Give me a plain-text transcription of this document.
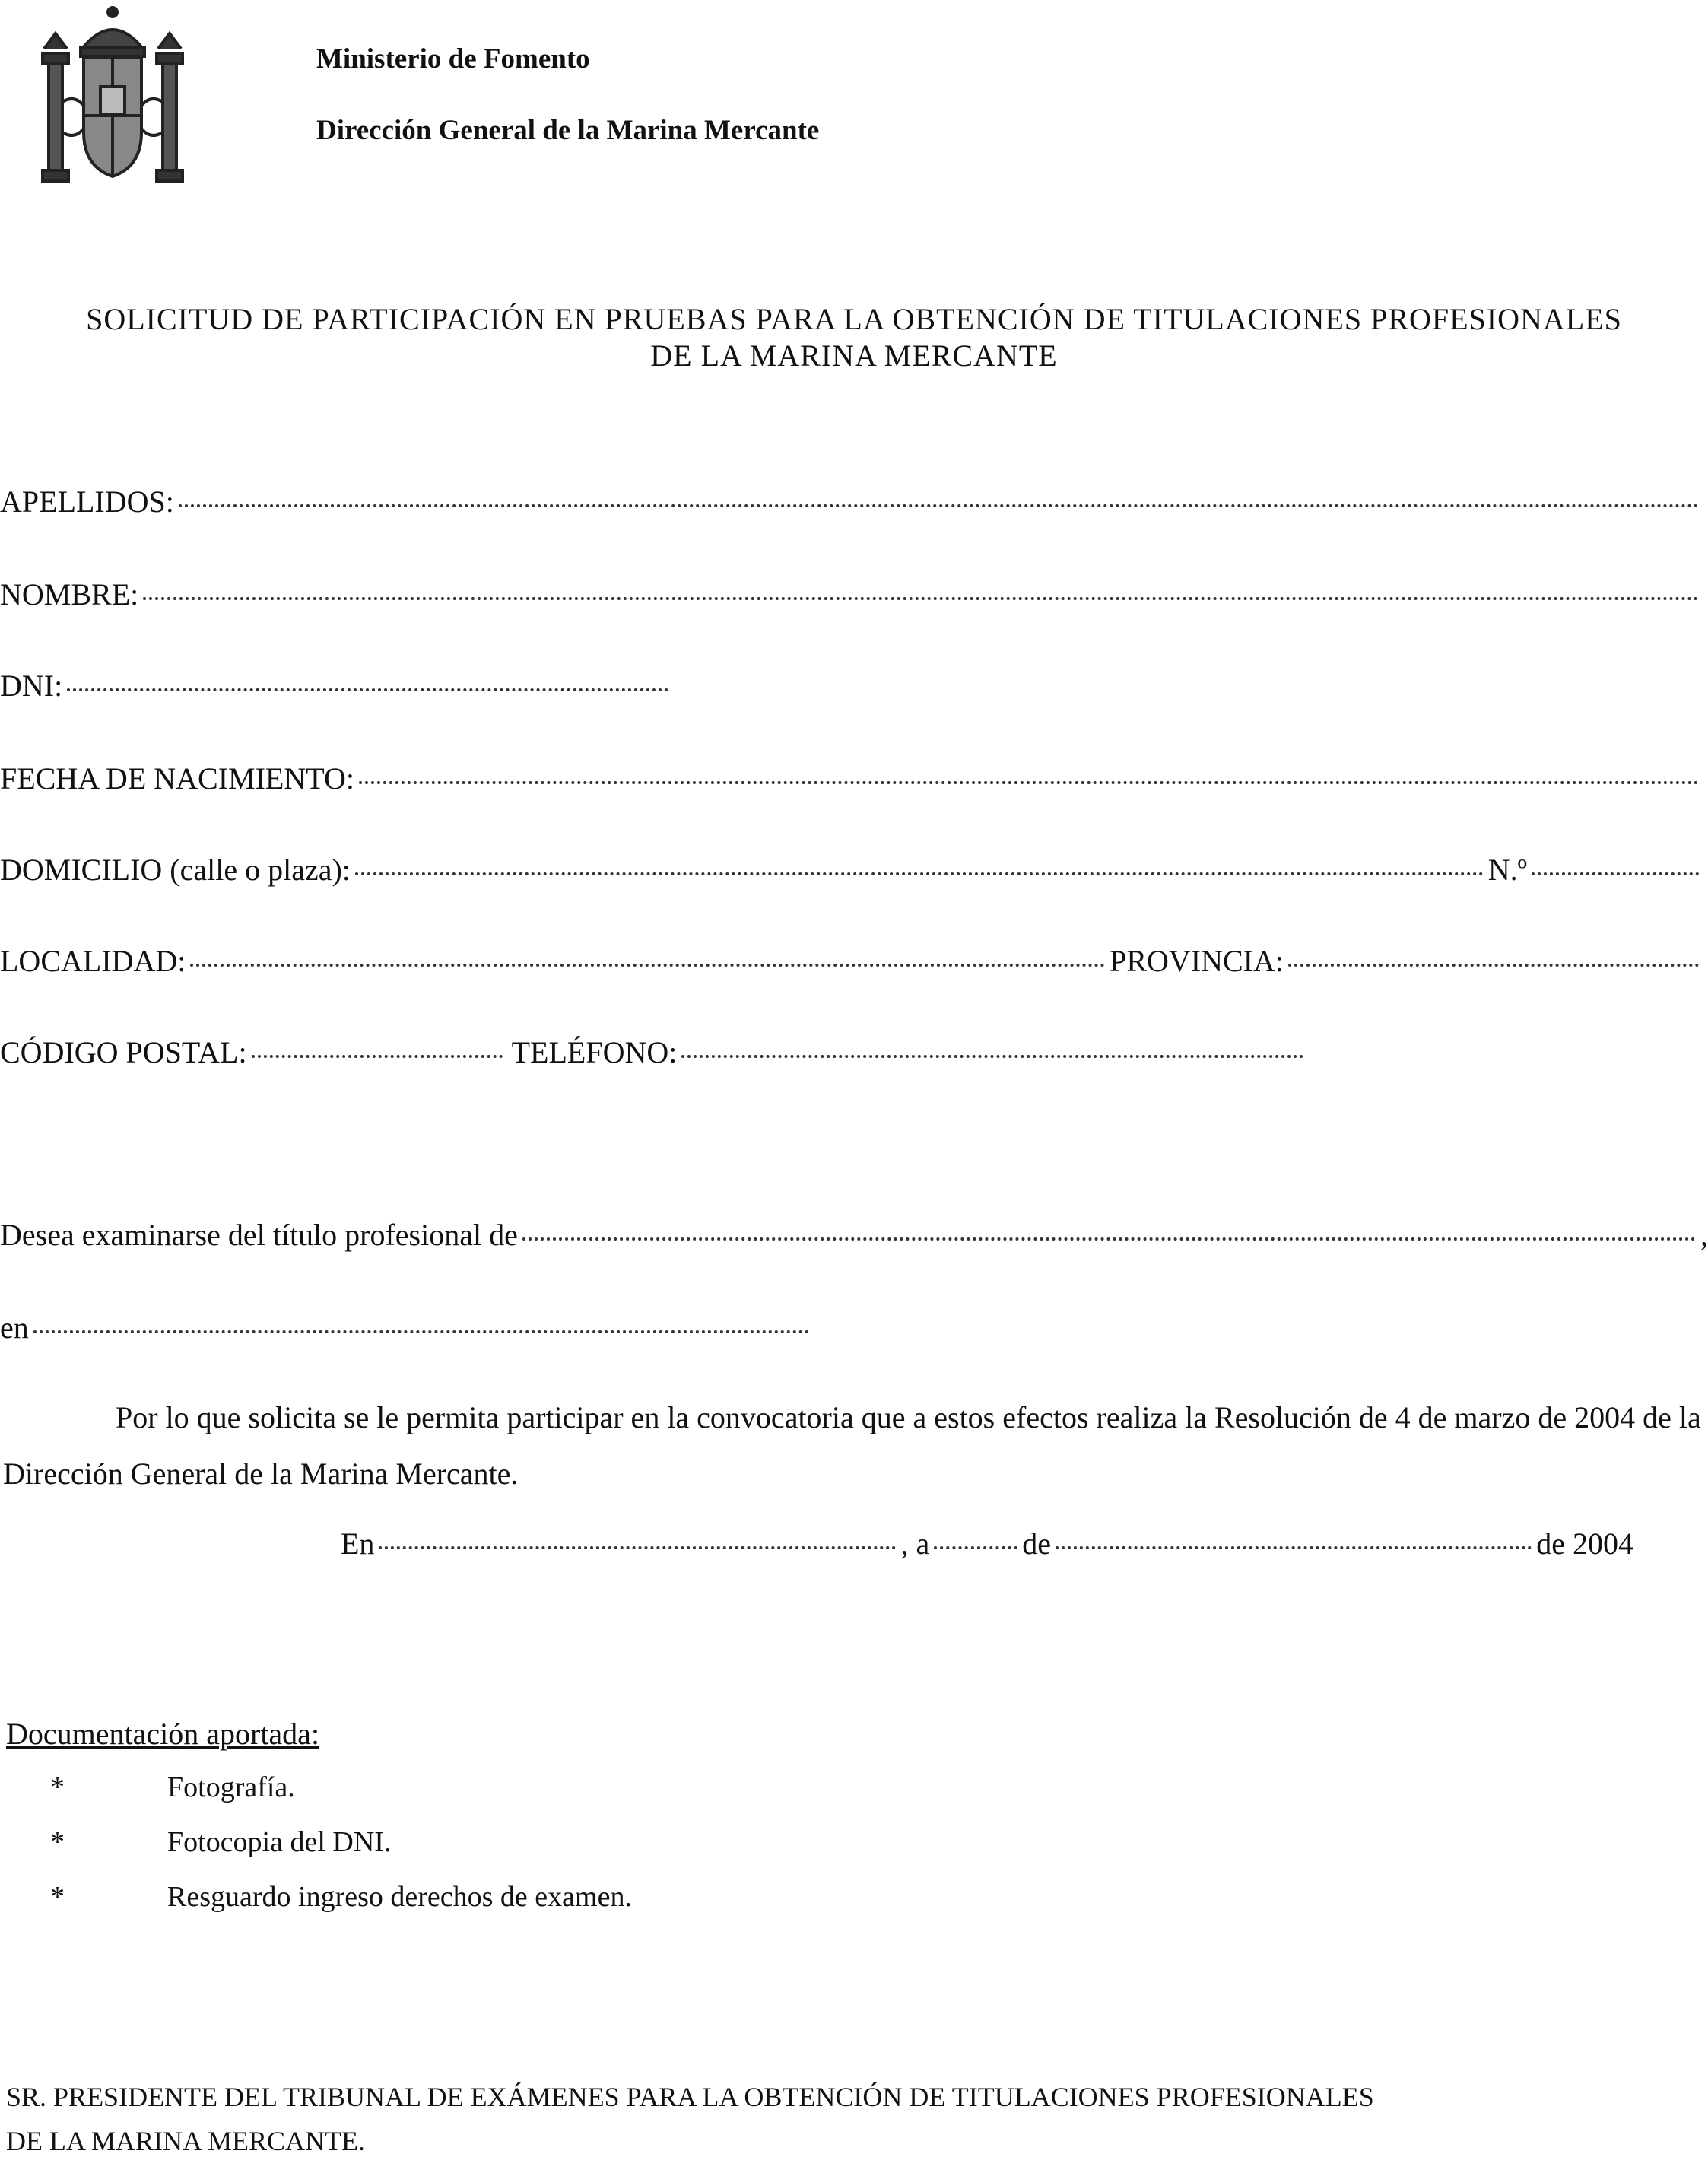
Ministerio de Fomento
Dirección General de la Marina Mercante
SOLICITUD DE PARTICIPACIÓN EN PRUEBAS PARA LA OBTENCIÓN DE TITULACIONES PROFESIONALES
DE LA MARINA MERCANTE
APELLIDOS:
NOMBRE:
DNI:
FECHA DE NACIMIENTO:
DOMICILIO (calle o plaza):	N.º
LOCALIDAD:	PROVINCIA:
CÓDIGO POSTAL:	TELÉFONO:
Desea examinarse del título profesional de	,
en
Por lo que solicita se le permita participar en la convocatoria que a estos efectos realiza la Resolución de 4 de marzo de 2004 de la
Dirección General de la Marina Mercante.
En	, a	de	de 2004
Documentación aportada:
*	Fotografía.
*	Fotocopia del DNI.
*	Resguardo ingreso derechos de examen.
SR. PRESIDENTE DEL TRIBUNAL DE EXÁMENES PARA LA OBTENCIÓN DE TITULACIONES PROFESIONALES
DE LA MARINA MERCANTE.
